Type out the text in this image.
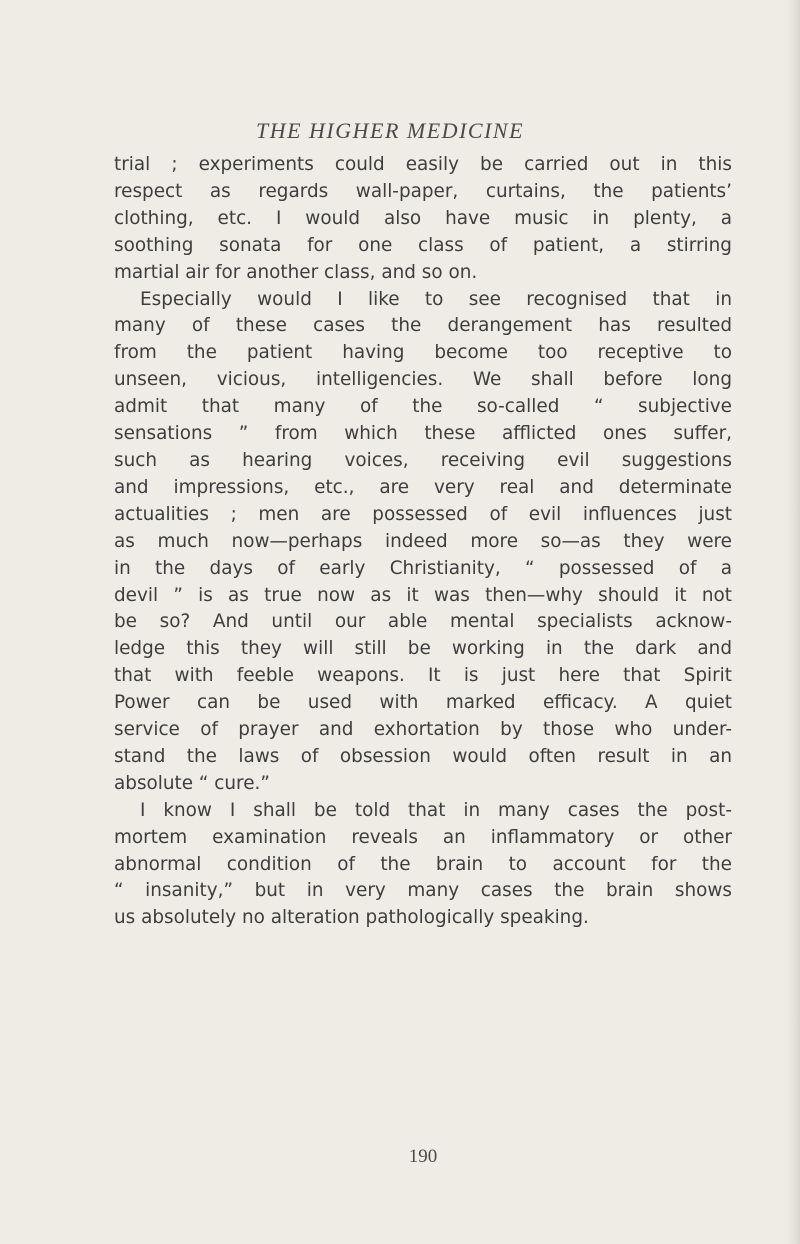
THE HIGHER MEDICINE
trial ; experiments could easily be carried out in this
respect as regards wall-paper, curtains, the patients’
clothing, etc. I would also have music in plenty, a
soothing sonata for one class of patient, a stirring
martial air for another class, and so on.
Especially would I like to see recognised that in
many of these cases the derangement has resulted
from the patient having become too receptive to
unseen, vicious, intelligencies. We shall before long
admit that many of the so-called “ subjective
sensations ” from which these afflicted ones suffer,
such as hearing voices, receiving evil suggestions
and impressions, etc., are very real and determinate
actualities ; men are possessed of evil influences just
as much now—perhaps indeed more so—as they were
in the days of early Christianity, “ possessed of a
devil ” is as true now as it was then—why should it not
be so? And until our able mental specialists acknow-
ledge this they will still be working in the dark and
that with feeble weapons. It is just here that Spirit
Power can be used with marked efficacy. A quiet
service of prayer and exhortation by those who under-
stand the laws of obsession would often result in an
absolute “ cure.”
I know I shall be told that in many cases the post-
mortem examination reveals an inflammatory or other
abnormal condition of the brain to account for the
“ insanity,” but in very many cases the brain shows
us absolutely no alteration pathologically speaking.
190
